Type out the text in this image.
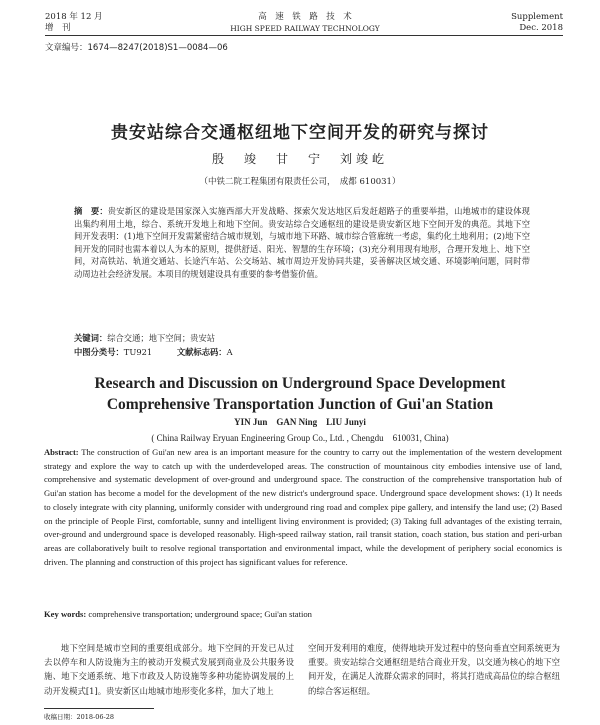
2018 年 12 月
增　刊
高　速　铁　路　技　术
HIGH SPEED RAILWAY TECHNOLOGY
Supplement
Dec. 2018
文章编号：1674—8247(2018)S1—0084—06
贵安站综合交通枢纽地下空间开发的研究与探讨
殷　竣　甘　宁　刘竣屹
（中铁二院工程集团有限责任公司，　成都 610031）
摘　要：贵安新区的建设是国家深入实施西部大开发战略、探索欠发达地区后发赶超路子的重要举措，山地城市的建设体现出集约利用土地，综合、系统开发地上和地下空间。贵安站综合交通枢纽的建设是贵安新区地下空间开发的典范。其地下空间开发表明：(1)地下空间开发需紧密结合城市规划，与城市地下环路、城市综合管廊统一考虑，集约化土地利用；(2)地下空间开发的同时也需本着以人为本的原则，提供舒适、阳光、智慧的生存环境；(3)充分利用现有地形，合理开发地上、地下空间，对高铁站、轨道交通站、长途汽车站、公交场站、城市周边开发协同共建，妥善解决区域交通、环境影响问题，同时带动周边社会经济发展。本项目的规划建设具有重要的参考借鉴价值。
关键词：综合交通；地下空间；贵安站
中图分类号：TU921	文献标志码：A
Research and Discussion on Underground Space Development
Comprehensive Transportation Junction of Gui'an Station
YIN Jun　GAN Ning　LIU Junyi
( China Railway Eryuan Engineering Group Co., Ltd. , Chengdu　610031, China)
Abstract: The construction of Gui'an new area is an important measure for the country to carry out the implementation of the western development strategy and explore the way to catch up with the underdeveloped areas. The construction of mountainous city embodies intensive use of land, comprehensive and systematic development of over-ground and underground space. The construction of the comprehensive transportation hub of Gui'an station has become a model for the development of the new district's underground space. Underground space development shows: (1) It needs to closely integrate with city planning, uniformly consider with underground ring road and complex pipe gallery, and intensify the land use; (2) Based on the principle of People First, comfortable, sunny and intelligent living environment is provided; (3) Taking full advantages of the existing terrain, over-ground and underground space is developed reasonably. High-speed railway station, rail transit station, coach station, bus station and peri-urban areas are collaboratively built to resolve regional transportation and environmental impact, while the development of periphery social economics is driven. The planning and construction of this project has significant values for reference.
Key words: comprehensive transportation; underground space; Gui'an station
地下空间是城市空间的重要组成部分。地下空间的开发已从过去以停车和人防设施为主的被动开发模式发展到商业及公共服务设施、地下交通系统、地下市政及人防设施等多种功能协调发展的上动开发模式[1]。贵安新区山地城市地形变化多样，加大了地上
空间开发利用的难度，使得地块开发过程中的竖向垂直空间系统更为重要。贵安站综合交通枢纽是结合商业开发，以交通为核心的地下空间开发，在满足人流群众需求的同时，将其打造成高品位的综合枢纽的综合客运枢纽。
收稿日期：2018-06-28
